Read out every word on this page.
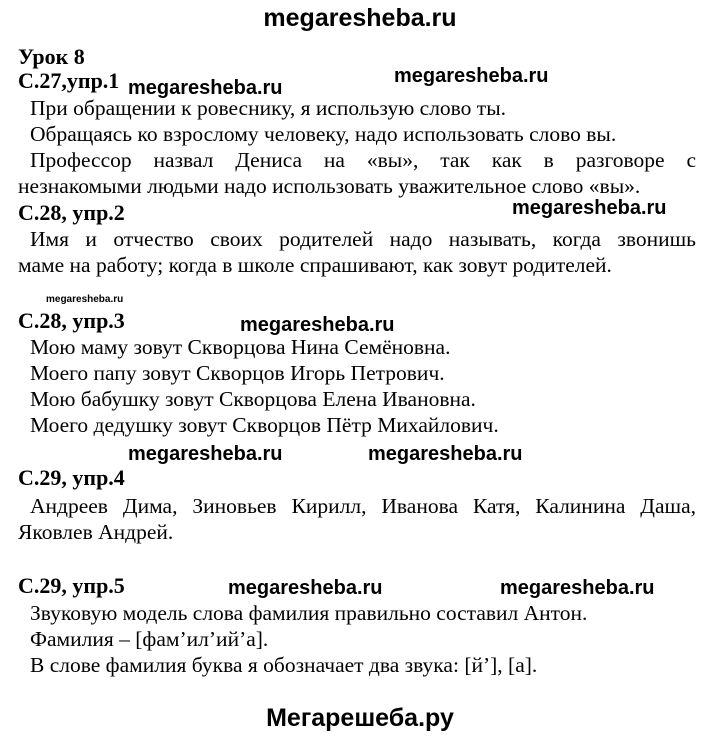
megaresheba.ru
Урок 8
С.27,упр.1 megaresheba.ru
megaresheba.ru
При обращении к ровеснику, я использую слово ты.
Обращаясь ко взрослому человеку, надо использовать слово вы.
Профессор назвал Дениса на «вы», так как в разговоре с
незнакомыми людьми надо использовать уважительное слово «вы».
С.28, упр.2	megaresheba.ru
Имя и отчество своих родителей надо называть, когда звонишь
маме на работу; когда в школе спрашивают, как зовут родителей.
megaresheba.ru
С.28, упр.3	megaresheba.ru
Мою маму зовут Скворцова Нина Семёновна.
Моего папу зовут Скворцов Игорь Петрович.
Мою бабушку зовут Скворцова Елена Ивановна.
Моего дедушку зовут Скворцов Пётр Михайлович.
megaresheba.ru	megaresheba.ru
С.29, упр.4
Андреев Дима, Зиновьев Кирилл, Иванова Катя, Калинина Даша,
Яковлев Андрей.
С.29, упр.5	megaresheba.ru	megaresheba.ru
Звуковую модель слова фамилия правильно составил Антон.
Фамилия – [фам’ил’ий’а].
В слове фамилия буква я обозначает два звука: [й’], [а].
Мегарешеба.ру
